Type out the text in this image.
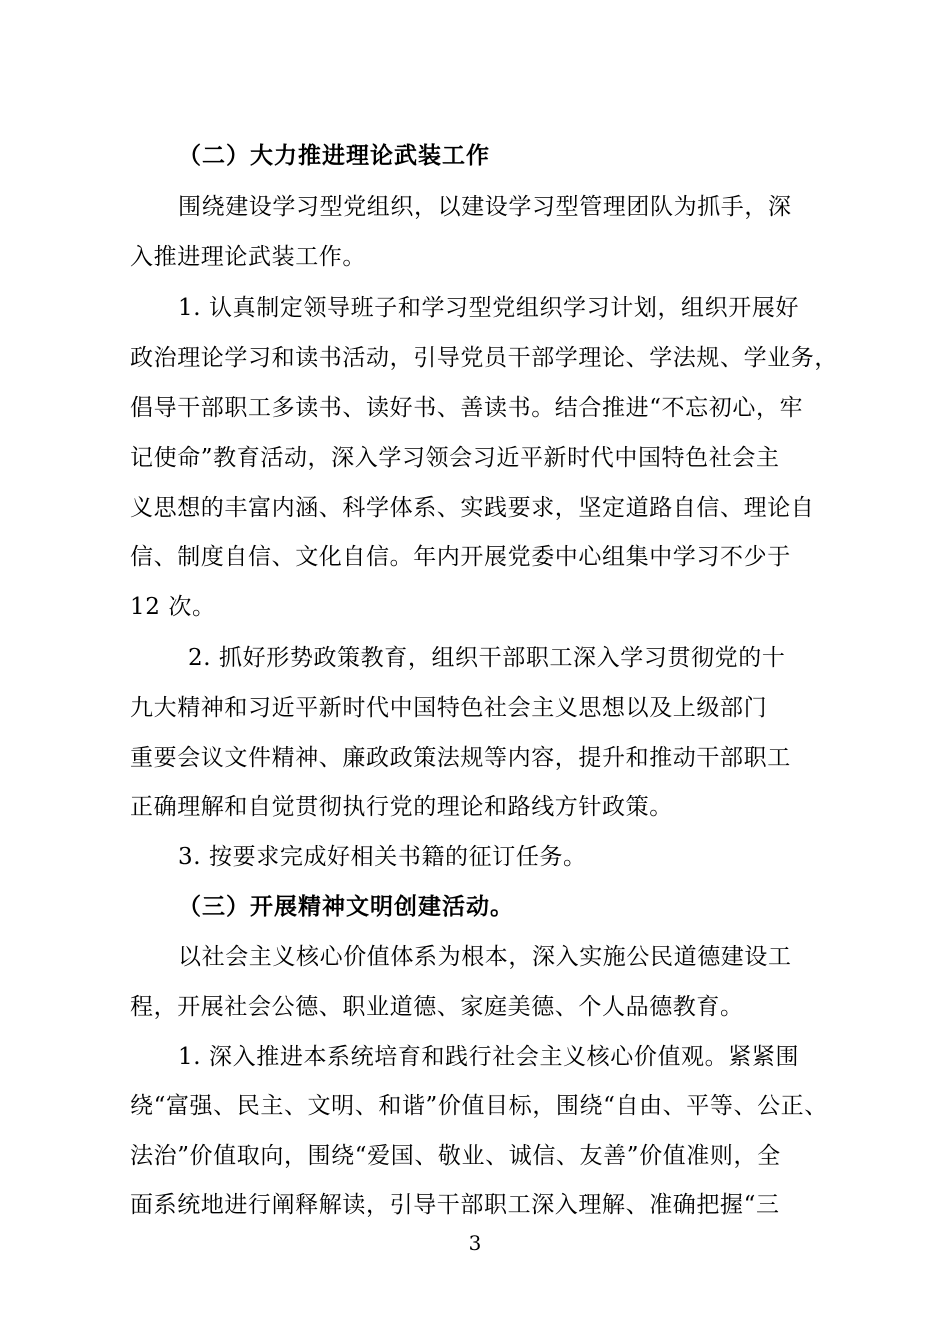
（二）大力推进理论武装工作
围绕建设学习型党组织，以建设学习型管理团队为抓手，深
入推进理论武装工作。
1. 认真制定领导班子和学习型党组织学习计划，组织开展好
政治理论学习和读书活动，引导党员干部学理论、学法规、学业务，
倡导干部职工多读书、读好书、善读书。结合推进“不忘初心，牢
记使命”教育活动，深入学习领会习近平新时代中国特色社会主
义思想的丰富内涵、科学体系、实践要求，坚定道路自信、理论自
信、制度自信、文化自信。年内开展党委中心组集中学习不少于
12 次。
2. 抓好形势政策教育，组织干部职工深入学习贯彻党的十
九大精神和习近平新时代中国特色社会主义思想以及上级部门
重要会议文件精神、廉政政策法规等内容，提升和推动干部职工
正确理解和自觉贯彻执行党的理论和路线方针政策。
3. 按要求完成好相关书籍的征订任务。
（三）开展精神文明创建活动。
以社会主义核心价值体系为根本，深入实施公民道德建设工
程，开展社会公德、职业道德、家庭美德、个人品德教育。
1. 深入推进本系统培育和践行社会主义核心价值观。紧紧围
绕“富强、民主、文明、和谐”价值目标，围绕“自由、平等、公正、
法治”价值取向，围绕“爱国、敬业、诚信、友善”价值准则，全
面系统地进行阐释解读，引导干部职工深入理解、准确把握“三
3
